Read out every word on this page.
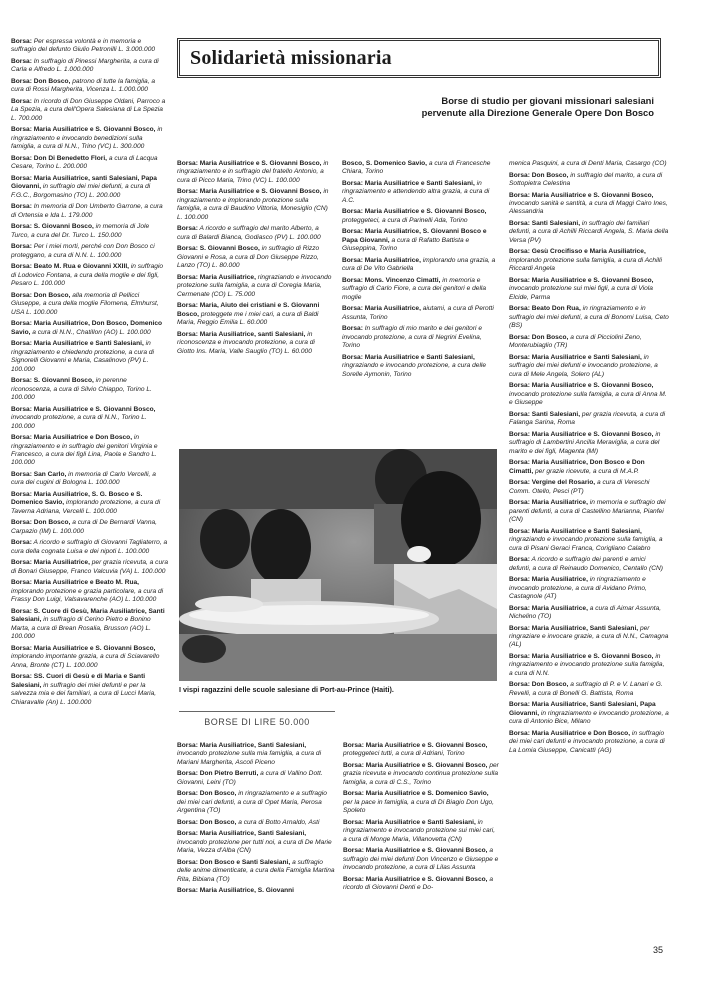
Borsa: Per espressa volontà e in memoria e suffragio del defunto Giulio Petronilli L. 3.000.000

Borsa: In suffragio di Pinessi Margherita, a cura di Carla e Alfredo L. 1.000.000

Borsa: Don Bosco, patrono di tutte la famiglia, a cura di Rossi Margherita, Vicenza L. 1.000.000

Borsa: In ricordo di Don Giuseppe Oldani, Parroco a La Spezia, a cura dell'Opera Salesiana di La Spezia L. 700.000

Borsa: Maria Ausiliatrice e S. Giovanni Bosco, in ringraziamento e invocando benedizioni sulla famiglia, a cura di N.N., Trino (VC) L. 300.000

Borsa: Don Di Benedetto Flori, a cura di Lacqua Cesare, Torino L. 200.000

Borsa: Maria Ausiliatrice, santi Salesiani, Papa Giovanni, in suffragio dei miei defunti, a cura di F.G.C., Borgomasino (TO) L. 200.000

Borsa: In memoria di Don Umberto Garrone, a cura di Ortensia e Ida L. 179.000

Borsa: S. Giovanni Bosco, in memoria di Jole Turco, a cura del Dr. Turco L. 150.000

Borsa: Per i miei morti, perché con Don Bosco ci proteggano, a cura di N.N. L. 100.000

Borsa: Beato M. Rua e Giovanni XXIII, in suffragio di Lodovico Fontana, a cura della moglie e dei figli, Pesaro L. 100.000

Borsa: Don Bosco, alla memoria di Pellicci Giuseppe, a cura della moglie Filomena, Elmhurst, USA L. 100.000

Borsa: Maria Ausiliatrice, Don Bosco, Domenico Savio, a cura di N.N., Chatillon (AO) L. 100.000

Borsa: Maria Ausiliatrice e Santi Salesiani, in ringraziamento e chiedendo protezione, a cura di Signorelli Giovanni e Maria, Casalinovo (PV) L. 100.000

Borsa: S. Giovanni Bosco, in perenne riconoscenza, a cura di Silvio Chiappo, Torino L. 100.000

Borsa: Maria Ausiliatrice e S. Giovanni Bosco, invocando protezione, a cura di N.N., Torino L. 100.000

Borsa: Maria Ausiliatrice e Don Bosco, in ringraziamento e in suffragio dei genitori Virginia e Francesco, a cura dei figli Lina, Paola e Sandro L. 100.000

Borsa: San Carlo, in memoria di Carlo Vercelli, a cura dei cugini di Bologna L. 100.000

Borsa: Maria Ausiliatrice, S. G. Bosco e S. Domenico Savio, implorando protezione, a cura di Taverna Adriana, Vercelli L. 100.000

Borsa: Don Bosco, a cura di De Bernardi Vanna, Carpazio (IM) L. 100.000

Borsa: A ricordo e suffragio di Giovanni Tagliaterro, a cura della cognata Luisa e dei nipoti L. 100.000

Borsa: Maria Ausiliatrice, per grazia ricevuta, a cura di Bonari Giuseppe, Franco Valcuvia (VA) L. 100.000

Borsa: Maria Ausiliatrice e Beato M. Rua, implorando protezione e grazia particolare, a cura di Frassy Don Luigi, Valsavarenche (AO) L. 100.000

Borsa: S. Cuore di Gesù, Maria Ausiliatrice, Santi Salesiani, in suffragio di Cerino Pietro e Bonino Marta, a cura di Brean Rosalia, Brusson (AO) L. 100.000

Borsa: Maria Ausiliatrice e S. Giovanni Bosco, implorando importante grazia, a cura di Sciavarello Anna, Bronte (CT) L. 100.000

Borsa: SS. Cuori di Gesù e di Maria e Santi Salesiani, in suffragio dei miei defunti e per la salvezza mia e dei familiari, a cura di Lucci Maria, Chiaravalle (An) L. 100.000

Solidarietà missionaria
Borse di studio per giovani missionari salesiani
pervenute alla Direzione Generale Opere Don Bosco

Borsa: Maria Ausiliatrice e S. Giovanni Bosco, in ringraziamento e in suffragio del fratello Antonio, a cura di Picco Maria, Trino (VC) L. 100.000

Borsa: Maria Ausiliatrice e S. Giovanni Bosco, in ringraziamento e implorando protezione sulla famiglia, a cura di Baudino Vittoria, Monesiglio (CN) L. 100.000

Borsa: A ricordo e suffragio del marito Alberto, a cura di Balardi Bianca, Godiasco (PV) L. 100.000

Borsa: S. Giovanni Bosco, in suffragio di Rizzo Giovanni e Rosa, a cura di Don Giuseppe Rizzo, Lanzo (TO) L. 80.000

Borsa: Maria Ausiliatrice, ringraziando e invocando protezione sulla famiglia, a cura di Coregia Maria, Cermenate (CO) L. 75.000

Borsa: Maria, Aiuto dei cristiani e S. Giovanni Bosco, proteggete me i miei cari, a cura di Baldi Maria, Reggio Emilia L. 60.000

Borsa: Maria Ausiliatrice, santi Salesiani, in riconoscenza e invocando protezione, a cura di Giotto Ins. Maria, Valle Sauglio (TO) L. 60.000

Bosco, S. Domenico Savio, a cura di Francesche Chiara, Torino

Borsa: Maria Ausiliatrice e Santi Salesiani, in ringraziamento e attendendo altra grazia, a cura di A.C.

Borsa: Maria Ausiliatrice e S. Giovanni Bosco, proteggeteci, a cura di Parinelli Ada, Torino

Borsa: Maria Ausiliatrice, S. Giovanni Bosco e Papa Giovanni, a cura di Rafatto Battista e Giuseppina, Torino

Borsa: Maria Ausiliatrice, implorando una grazia, a cura di De Vito Gabriella

Borsa: Mons. Vincenzo Cimatti, in memoria e suffragio di Carlo Fiore, a cura dei genitori e della moglie

Borsa: Maria Ausiliatrice, aiutami, a cura di Perotti Assunta, Torino

Borsa: In suffragio di mio marito e dei genitori e invocando protezione, a cura di Negrini Evelina, Torino

Borsa: Maria Ausiliatrice e Santi Salesiani, ringraziando e invocando protezione, a cura delle Sorelle Aymonin, Torino

I vispi ragazzini delle scuole salesiane di Port-au-Prince (Haiti).
BORSE DI LIRE 50.000

Borsa: Maria Ausiliatrice, Santi Salesiani, invocando protezione sulla mia famiglia, a cura di Mariani Margherita, Ascoli Piceno

Borsa: Don Pietro Berruti, a cura di Vallino Dott. Giovanni, Leini (TO)

Borsa: Don Bosco, in ringraziamento e a suffragio dei miei cari defunti, a cura di Opet Maria, Perosa Argentina (TO)

Borsa: Don Bosco, a cura di Botto Arnaldo, Asti

Borsa: Maria Ausiliatrice, Santi Salesiani, invocando protezione per tutti noi, a cura di De Marie Maria, Vezza d'Alba (CN)

Borsa: Don Bosco e Santi Salesiani, a suffragio delle anime dimenticate, a cura della Famiglia Martina Rita, Bibiana (TO)

Borsa: Maria Ausiliatrice, S. Giovanni

Borsa: Maria Ausiliatrice e S. Giovanni Bosco, proteggeteci tutti, a cura di Adriani, Torino

Borsa: Maria Ausiliatrice e S. Giovanni Bosco, per grazia ricevuta e invocando continua protezione sulla famiglia, a cura di C.S., Torino

Borsa: Maria Ausiliatrice e S. Domenico Savio, per la pace in famiglia, a cura di Di Biagio Don Ugo, Spoleto

Borsa: Maria Ausiliatrice e Santi Salesiani, in ringraziamento e invocando protezione sui miei cari, a cura di Monge Maria, Villanovetta (CN)

Borsa: Maria Ausiliatrice e S. Giovanni Bosco, a suffragio dei miei defunti Don Vincenzo e Giuseppe e invocando protezione, a cura di Lilas Assunta

Borsa: Maria Ausiliatrice e S. Giovanni Bosco, a ricordo di Giovanni Denti e Do-

menica Pasquini, a cura di Denti Maria, Casargo (CO)

Borsa: Don Bosco, in suffragio del marito, a cura di Sottopietra Celestina

Borsa: Maria Ausiliatrice e S. Giovanni Bosco, invocando sanità e santità, a cura di Maggi Cairo Ines, Alessandria

Borsa: Santi Salesiani, in suffragio dei familiari defunti, a cura di Achilli Riccardi Angela, S. Maria della Versa (PV)

Borsa: Gesù Crocifisso e Maria Ausiliatrice, implorando protezione sulla famiglia, a cura di Achilli Riccardi Angela

Borsa: Maria Ausiliatrice e S. Giovanni Bosco, invocando protezione sui miei figli, a cura di Viola Elcide, Parma

Borsa: Beato Don Rua, in ringraziamento e in suffragio dei miei defunti, a cura di Bonomi Luisa, Ceto (BS)

Borsa: Don Bosco, a cura di Picciolini Zeno, Monterubiaglio (TR)

Borsa: Maria Ausiliatrice e Santi Salesiani, in suffragio dei miei defunti e invocando protezione, a cura di Mele Angela, Solero (AL)

Borsa: Maria Ausiliatrice e S. Giovanni Bosco, invocando protezione sulla famiglia, a cura di Anna M. e Giuseppe

Borsa: Santi Salesiani, per grazia ricevuta, a cura di Falanga Sarina, Roma

Borsa: Maria Ausiliatrice e S. Giovanni Bosco, in suffragio di Lambertini Ancilla Meraviglia, a cura del marito e dei figli, Magenta (MI)

Borsa: Maria Ausiliatrice, Don Bosco e Don Cimatti, per grazie ricevute, a cura di M.A.P.

Borsa: Vergine del Rosario, a cura di Vereschi Comm. Otello, Pesci (PT)

Borsa: Maria Ausiliatrice, in memoria e suffragio dei parenti defunti, a cura di Castellino Marianna, Pianfei (CN)

Borsa: Maria Ausiliatrice e Santi Salesiani, ringraziando e invocando protezione sulla famiglia, a cura di Pisani Geraci Franca, Corigliano Calabro

Borsa: A ricordo e suffragio dei parenti e amici defunti, a cura di Reinaudo Domenico, Centallo (CN)

Borsa: Maria Ausiliatrice, in ringraziamento e invocando protezione, a cura di Avidano Primo, Castagnole (AT)

Borsa: Maria Ausiliatrice, a cura di Aimar Assunta, Nichelino (TO)

Borsa: Maria Ausiliatrice, Santi Salesiani, per ringraziare e invocare grazie, a cura di N.N., Camagna (AL)

Borsa: Maria Ausiliatrice e S. Giovanni Bosco, in ringraziamento e invocando protezione sulla famiglia, a cura di N.N.

Borsa: Don Bosco, a suffragio di P. e V. Lanari e G. Revelli, a cura di Bonelli G. Battista, Roma

Borsa: Maria Ausiliatrice, Santi Salesiani, Papa Giovanni, in ringraziamento e invocando protezione, a cura di Antonio Bice, Milano

Borsa: Maria Ausiliatrice e Don Bosco, in suffragio dei miei cari defunti e invocando protezione, a cura di La Lomia Giuseppe, Canicattì (AG)

35
